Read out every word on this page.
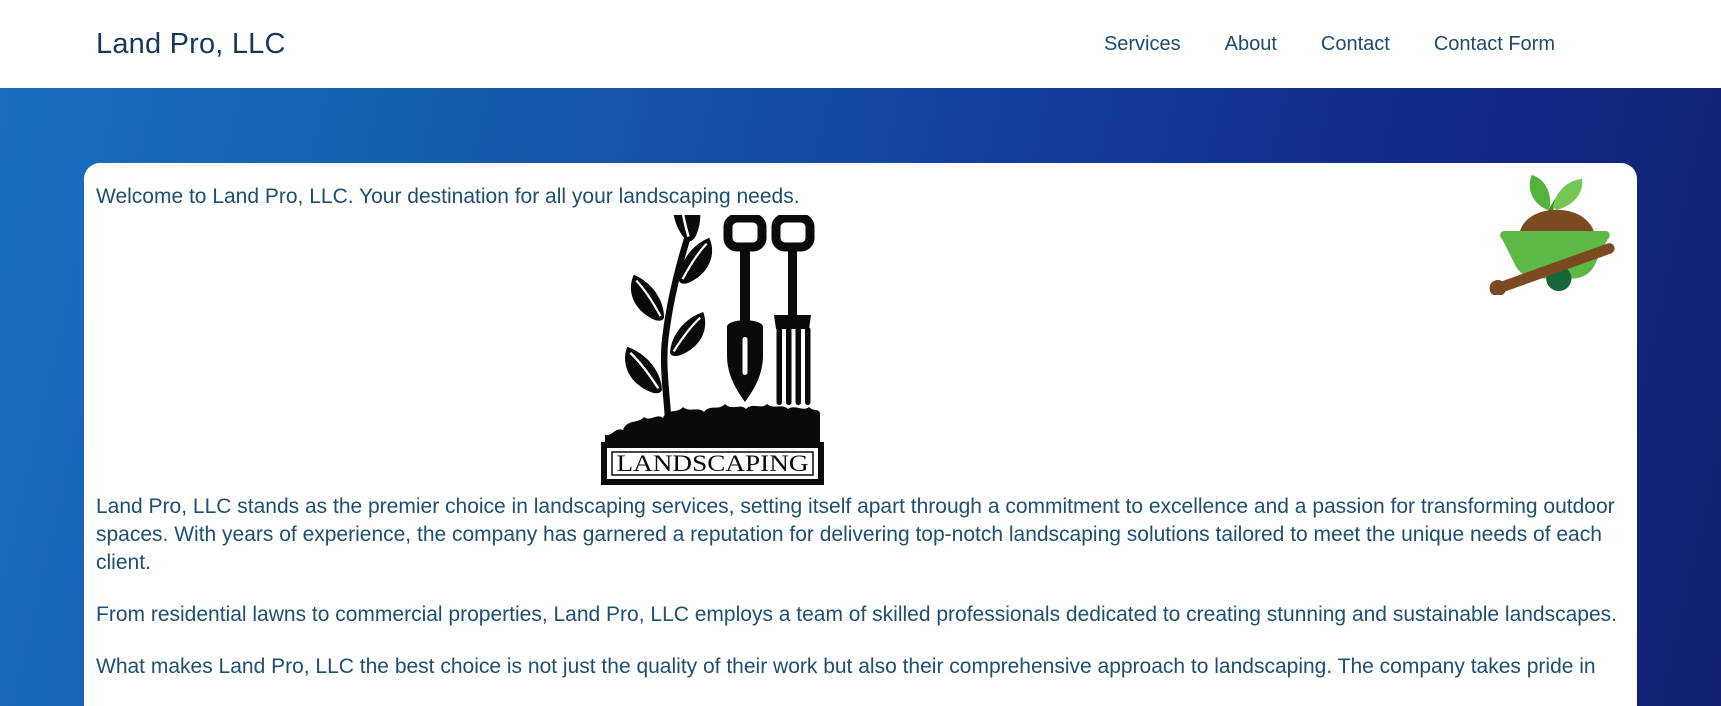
Land Pro, LLC	Services About Contact Contact Form

Welcome to Land Pro, LLC. Your destination for all your landscaping needs.

LANDSCAPING

Land Pro, LLC stands as the premier choice in landscaping services, setting itself apart through a commitment to excellence and a passion for transforming outdoor spaces. With years of experience, the company has garnered a reputation for delivering top-notch landscaping solutions tailored to meet the unique needs of each client.

From residential lawns to commercial properties, Land Pro, LLC employs a team of skilled professionals dedicated to creating stunning and sustainable landscapes.

What makes Land Pro, LLC the best choice is not just the quality of their work but also their comprehensive approach to landscaping. The company takes pride in
